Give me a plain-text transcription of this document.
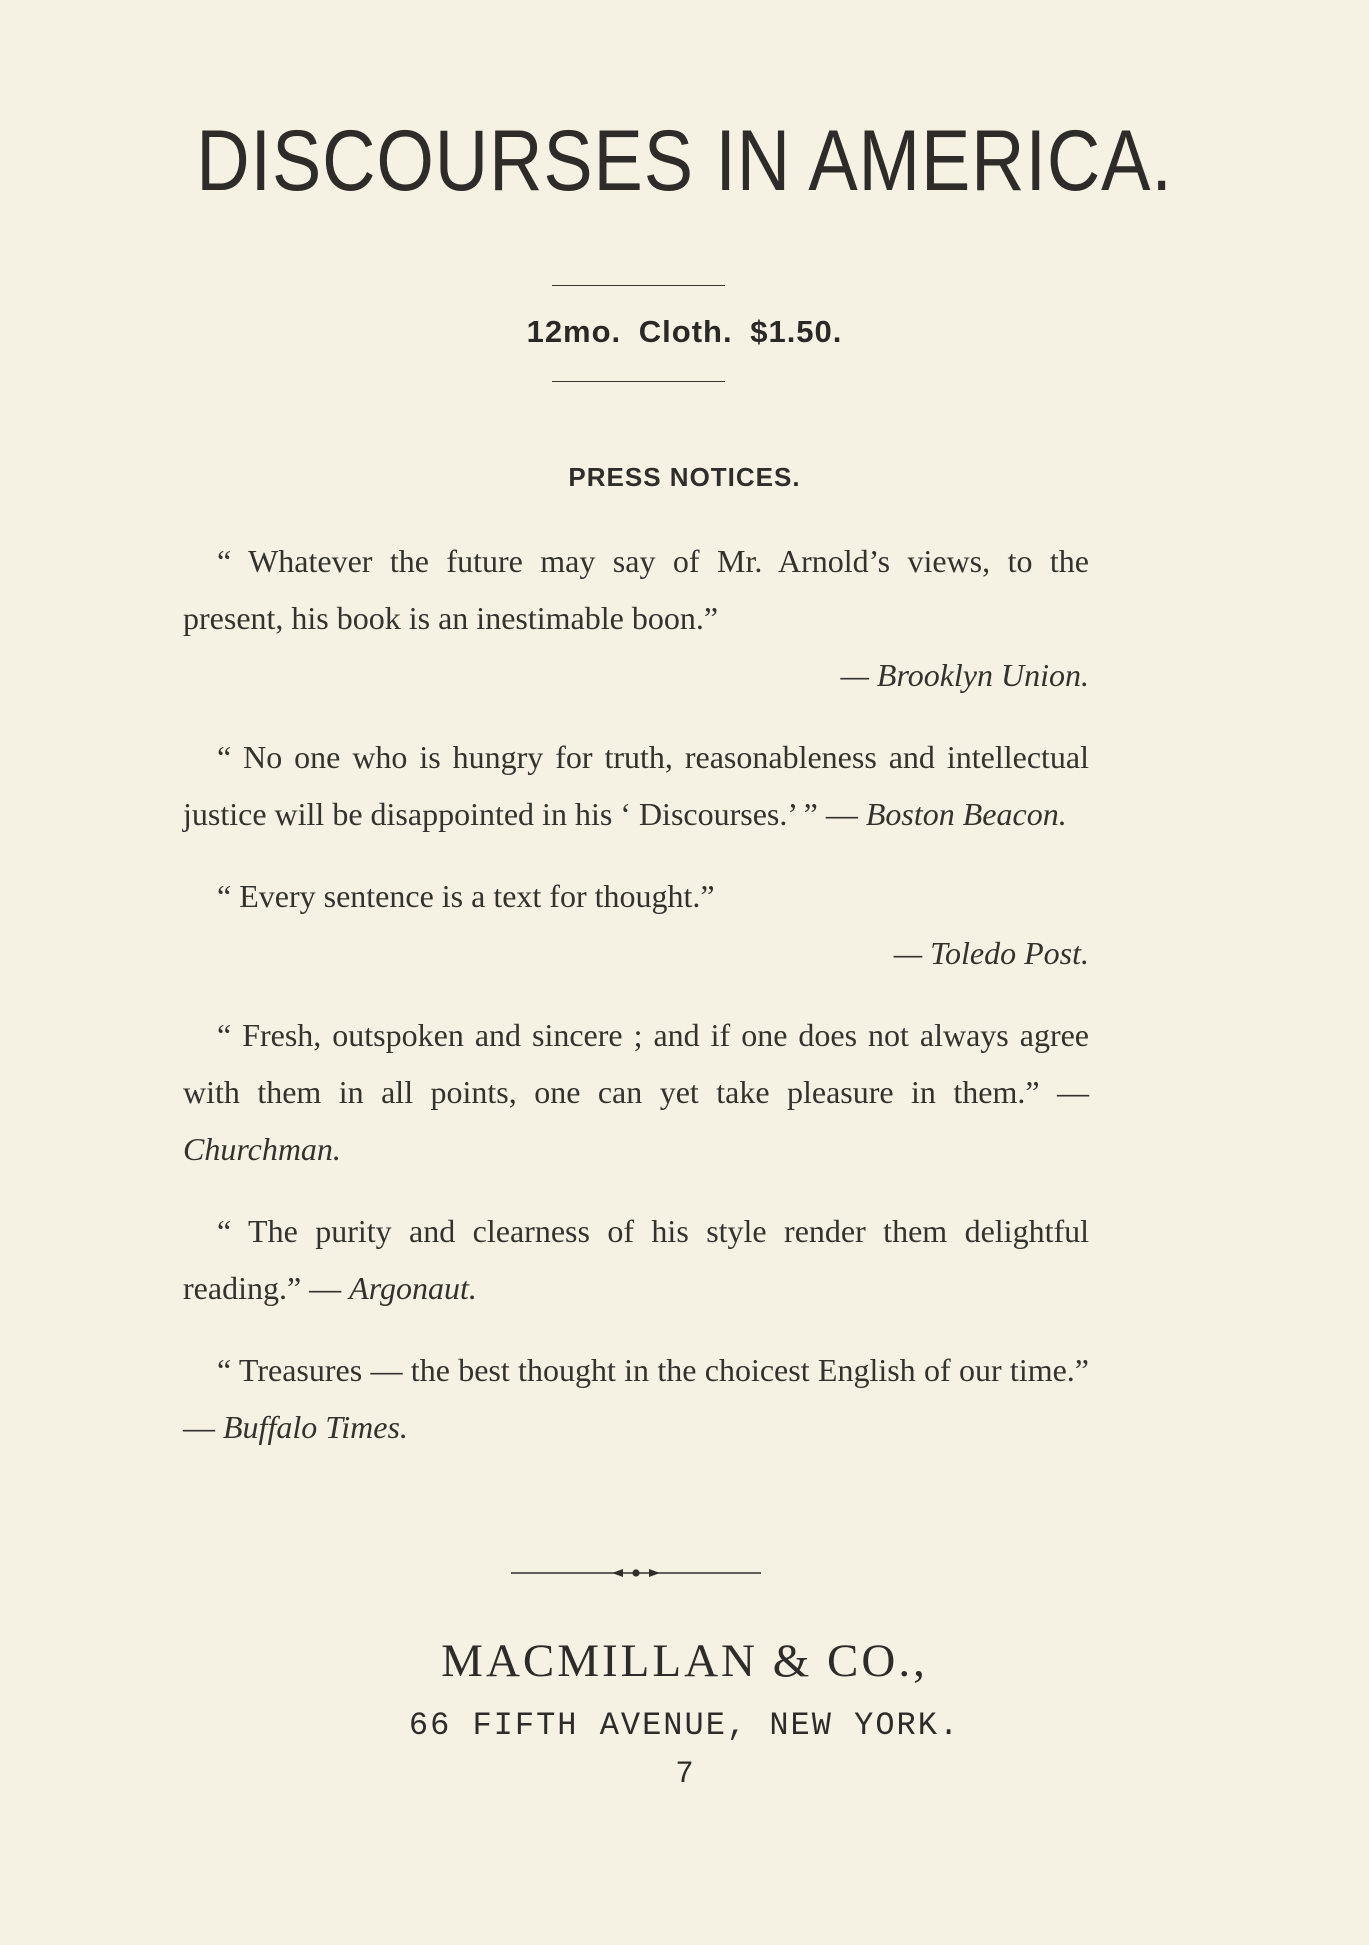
DISCOURSES IN AMERICA.
12mo. Cloth. $1.50.
PRESS NOTICES.

“ Whatever the future may say of Mr. Arnold’s views, to the present, his book is an inestimable boon.”

— Brooklyn Union.

“ No one who is hungry for truth, reasonableness and intellectual justice will be disappointed in his ‘ Discourses.’ ” — Boston Beacon.

“ Every sentence is a text for thought.”

— Toledo Post.

“ Fresh, outspoken and sincere ; and if one does not always agree with them in all points, one can yet take pleasure in them.” — Churchman.

“ The purity and clearness of his style render them delightful reading.” — Argonaut.

“ Treasures — the best thought in the choicest English of our time.” — Buffalo Times.

MACMILLAN & CO.,
66 FIFTH AVENUE, NEW YORK.
7
